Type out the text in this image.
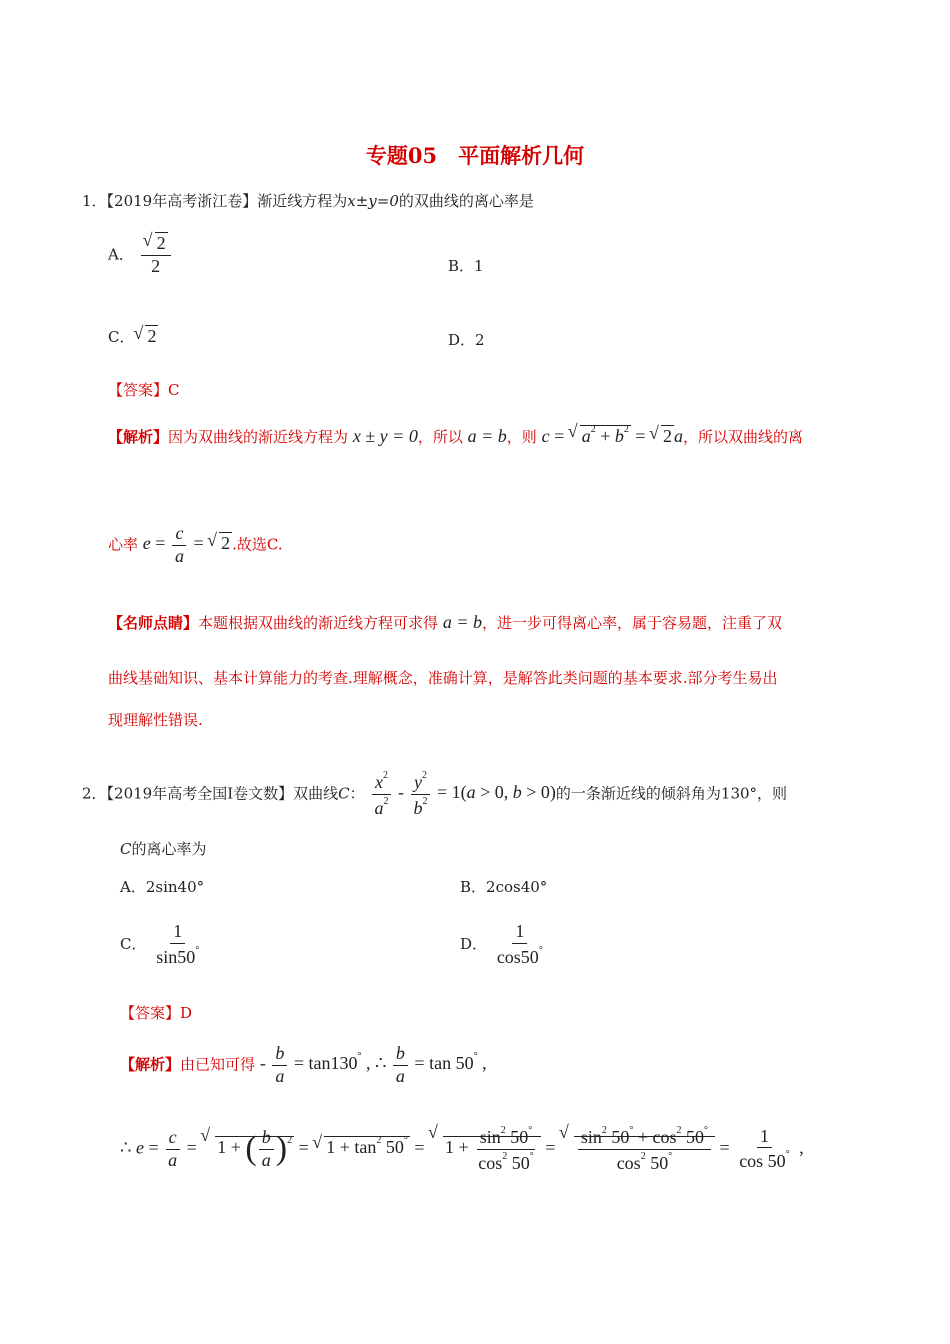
专题05　平面解析几何
1．【2019年高考浙江卷】渐近线方程为x±y=0的双曲线的离心率是
A． √ $\frac{2}{2}$	B．1
C． √ 2	D．2
【答案】C
【解析】因为双曲线的渐近线方程为 x ± y = 0，所以 a = b，则 c = √ $a^2 + b^2$ = √ 2 a，所以双曲线的离
心率 $e = \frac{c}{a}$ = √ 2 .故选C.
【名师点睛】本题根据双曲线的渐近线方程可求得 a = b，进一步可得离心率，属于容易题，注重了双
曲线基础知识、基本计算能力的考查.理解概念，准确计算，是解答此类问题的基本要求.部分考生易出
现理解性错误.
2．【2019年高考全国Ⅰ卷文数】双曲线C： $\frac{x^2}{a^2} - \frac{y^2}{b^2} = 1(a > 0$, b > 0)的一条渐近线的倾斜角为130°，则
C的离心率为
A．2sin40°	B．2cos40°
C． $\frac{1}{\sin 50^\circ}$	D． $\frac{1}{\cos 50^\circ}$
【答案】D
【解析】由已知可得 - $\frac{b}{a} = \tan 130^\circ$ , ∴ $\frac{b}{a} = \tan 50^\circ$ ,
∴ $e = \frac{c}{a}$ = √ 1 + ( $\frac{b}{a} )^2$ = √ $1 + \tan^2 50^\circ$ = √ $1 + \frac{\sin^2 50^\circ}{\cos^2 50^\circ}$ = √ $\frac{\sin^2 50^\circ + \cos^2 50^\circ}{\cos^2 50^\circ} = \frac{1}{\cos 50^\circ}$ ,
